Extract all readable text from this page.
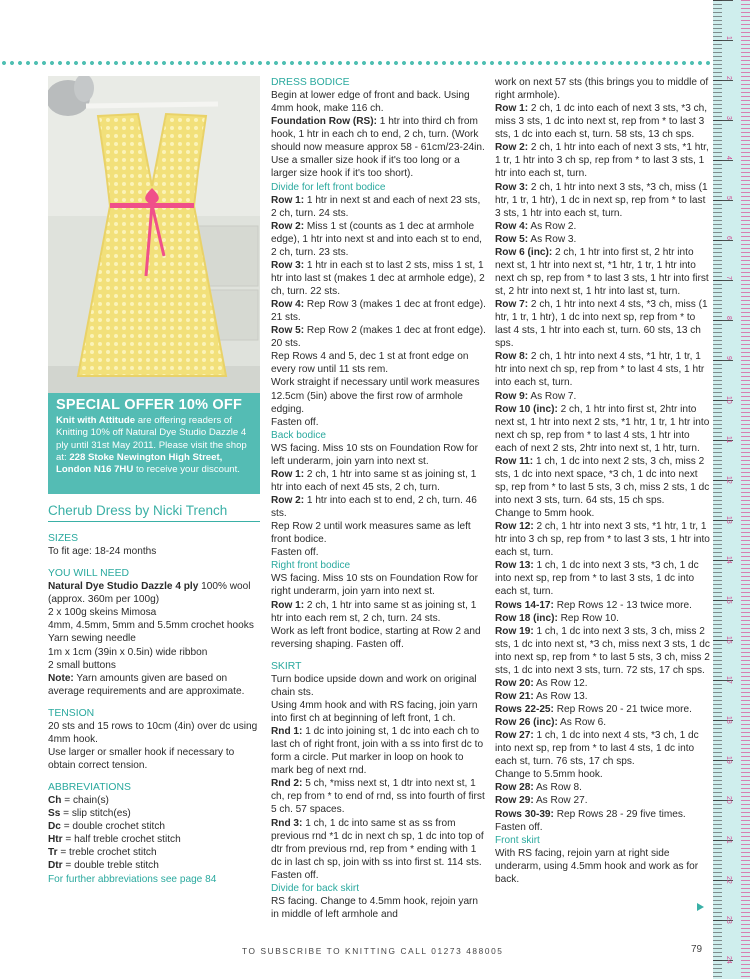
1
2
3
4
5
6
7
8
9
10
11
12
13
14
15
16
17
18
19
20
21
22
23
24
SPECIAL OFFER 10% OFF

Knit with Attitude are offering readers of Knitting 10% off Natural Dye Studio Dazzle 4 ply until 31st May 2011. Please visit the shop at: 228 Stoke Newington High Street, London N16 7HU to receive your discount.

Cherub Dress by Nicki Trench

SIZES

To fit age: 18-24 months

YOU WILL NEED

Natural Dye Studio Dazzle 4 ply 100% wool (approx. 360m per 100g)

2 x 100g skeins Mimosa

4mm, 4.5mm, 5mm and 5.5mm crochet hooks

Yarn sewing needle

1m x 1cm (39in x 0.5in) wide ribbon

2 small buttons

Note: Yarn amounts given are based on average requirements and are approximate.

TENSION

20 sts and 15 rows to 10cm (4in) over dc using 4mm hook.

Use larger or smaller hook if necessary to obtain correct tension.

ABBREVIATIONS

Ch = chain(s)

Ss = slip stitch(es)

Dc = double crochet stitch

Htr = half treble crochet stitch

Tr = treble crochet stitch

Dtr = double treble stitch

For further abbreviations see page 84

DRESS BODICE

Begin at lower edge of front and back. Using 4mm hook, make 116 ch.

Foundation Row (RS): 1 htr into third ch from hook, 1 htr in each ch to end, 2 ch, turn. (Work should now measure approx 58 - 61cm/23-24in. Use a smaller size hook if it's too long or a larger size hook if it's too short).

Divide for left front bodice

Row 1: 1 htr in next st and each of next 23 sts, 2 ch, turn. 24 sts.

Row 2: Miss 1 st (counts as 1 dec at armhole edge), 1 htr into next st and into each st to end, 2 ch, turn. 23 sts.

Row 3: 1 htr in each st to last 2 sts, miss 1 st, 1 htr into last st (makes 1 dec at armhole edge), 2 ch, turn. 22 sts.

Row 4: Rep Row 3 (makes 1 dec at front edge). 21 sts.

Row 5: Rep Row 2 (makes 1 dec at front edge). 20 sts.

Rep Rows 4 and 5, dec 1 st at front edge on every row until 11 sts rem.

Work straight if necessary until work measures 12.5cm (5in) above the first row of armhole edging.

Fasten off.

Back bodice

WS facing. Miss 10 sts on Foundation Row for left underarm, join yarn into next st.

Row 1: 2 ch, 1 htr into same st as joining st, 1 htr into each of next 45 sts, 2 ch, turn.

Row 2: 1 htr into each st to end, 2 ch, turn. 46 sts.

Rep Row 2 until work measures same as left front bodice.

Fasten off.

Right front bodice

WS facing. Miss 10 sts on Foundation Row for right underarm, join yarn into next st.

Row 1: 2 ch, 1 htr into same st as joining st, 1 htr into each rem st, 2 ch, turn. 24 sts.

Work as left front bodice, starting at Row 2 and reversing shaping. Fasten off.

SKIRT

Turn bodice upside down and work on original chain sts.

Using 4mm hook and with RS facing, join yarn into first ch at beginning of left front, 1 ch.

Rnd 1: 1 dc into joining st, 1 dc into each ch to last ch of right front, join with a ss into first dc to form a circle. Put marker in loop on hook to mark beg of next rnd.

Rnd 2: 5 ch, *miss next st, 1 dtr into next st, 1 ch, rep from * to end of rnd, ss into fourth of first 5 ch. 57 spaces.

Rnd 3: 1 ch, 1 dc into same st as ss from previous rnd *1 dc in next ch sp, 1 dc into top of dtr from previous rnd, rep from * ending with 1 dc in last ch sp, join with ss into first st. 114 sts.

Fasten off.

Divide for back skirt

RS facing. Change to 4.5mm hook, rejoin yarn in middle of left armhole and

work on next 57 sts (this brings you to middle of right armhole).

Row 1: 2 ch, 1 dc into each of next 3 sts, *3 ch, miss 3 sts, 1 dc into next st, rep from * to last 3 sts, 1 dc into each st, turn. 58 sts, 13 ch sps.

Row 2: 2 ch, 1 htr into each of next 3 sts, *1 htr, 1 tr, 1 htr into 3 ch sp, rep from * to last 3 sts, 1 htr into each st, turn.

Row 3: 2 ch, 1 htr into next 3 sts, *3 ch, miss (1 htr, 1 tr, 1 htr), 1 dc in next sp, rep from * to last 3 sts, 1 htr into each st, turn.

Row 4: As Row 2.

Row 5: As Row 3.

Row 6 (inc): 2 ch, 1 htr into first st, 2 htr into next st, 1 htr into next st, *1 htr, 1 tr, 1 htr into next ch sp, rep from * to last 3 sts, 1 htr into first st, 2 htr into next st, 1 htr into last st, turn.

Row 7: 2 ch, 1 htr into next 4 sts, *3 ch, miss (1 htr, 1 tr, 1 htr), 1 dc into next sp, rep from * to last 4 sts, 1 htr into each st, turn. 60 sts, 13 ch sps.

Row 8: 2 ch, 1 htr into next 4 sts, *1 htr, 1 tr, 1 htr into next ch sp, rep from * to last 4 sts, 1 htr into each st, turn.

Row 9: As Row 7.

Row 10 (inc): 2 ch, 1 htr into first st, 2htr into next st, 1 htr into next 2 sts, *1 htr, 1 tr, 1 htr into next ch sp, rep from * to last 4 sts, 1 htr into each of next 2 sts, 2htr into next st, 1 htr, turn.

Row 11: 1 ch, 1 dc into next 2 sts, 3 ch, miss 2 sts, 1 dc into next space, *3 ch, 1 dc into next sp, rep from * to last 5 sts, 3 ch, miss 2 sts, 1 dc into next 3 sts, turn. 64 sts, 15 ch sps.

Change to 5mm hook.

Row 12: 2 ch, 1 htr into next 3 sts, *1 htr, 1 tr, 1 htr into 3 ch sp, rep from * to last 3 sts, 1 htr into each st, turn.

Row 13: 1 ch, 1 dc into next 3 sts, *3 ch, 1 dc into next sp, rep from * to last 3 sts, 1 dc into each st, turn.

Rows 14-17: Rep Rows 12 - 13 twice more.

Row 18 (inc): Rep Row 10.

Row 19: 1 ch, 1 dc into next 3 sts, 3 ch, miss 2 sts, 1 dc into next st, *3 ch, miss next 3 sts, 1 dc into next sp, rep from * to last 5 sts, 3 ch, miss 2 sts, 1 dc into next 3 sts, turn. 72 sts, 17 ch sps.

Row 20: As Row 12.

Row 21: As Row 13.

Rows 22-25: Rep Rows 20 - 21 twice more.

Row 26 (inc): As Row 6.

Row 27: 1 ch, 1 dc into next 4 sts, *3 ch, 1 dc into next sp, rep from * to last 4 sts, 1 dc into each st, turn. 76 sts, 17 ch sps.

Change to 5.5mm hook.

Row 28: As Row 8.

Row 29: As Row 27.

Rows 30-39: Rep Rows 28 - 29 five times.

Fasten off.

Front skirt

With RS facing, rejoin yarn at right side underarm, using 4.5mm hook and work as for back.

TO SUBSCRIBE TO KNITTING CALL 01273 488005	79
